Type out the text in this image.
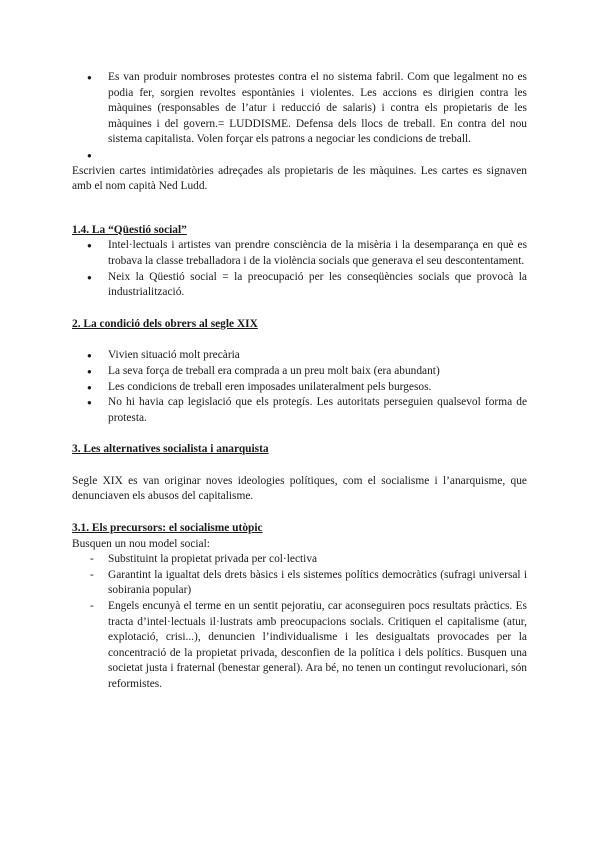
● Es van produir nombroses protestes contra el no sistema fabril. Com que legalment no es podia fer, sorgien revoltes espontànies i violentes. Les accions es dirigien contra les màquines (responsables de l’atur i reducció de salaris) i contra els propietaris de les màquines i del govern.= LUDDISME. Defensa dels llocs de treball. En contra del nou sistema capitalista. Volen forçar els patrons a negociar les condicions de treball.
●
Escrivien cartes intimidatòries adreçades als propietaris de les màquines. Les cartes es signaven amb el nom capità Ned Ludd.
1.4. La “Qüestió social”
● Intel·lectuals i artistes van prendre consciència de la misèria i la desemparança en què es trobava la classe treballadora i de la violència socials que generava el seu descontentament.
● Neix la Qüestió social = la preocupació per les conseqüències socials que provocà la industrialització.
2. La condició dels obrers al segle XIX
● Vivien situació molt precària
● La seva força de treball era comprada a un preu molt baix (era abundant)
● Les condicions de treball eren imposades unilateralment pels burgesos.
● No hi havia cap legislació que els protegís. Les autoritats perseguien qualsevol forma de protesta.
3. Les alternatives socialista i anarquista
Segle XIX es van originar noves ideologies polítiques, com el socialisme i l’anarquisme, que denunciaven els abusos del capitalisme.
3.1. Els precursors: el socialisme utòpic
Busquen un nou model social:
- Substituint la propietat privada per col·lectiva
- Garantint la igualtat dels drets bàsics i els sistemes polítics democràtics (sufragi universal i sobirania popular)
- Engels encunyà el terme en un sentit pejoratiu, car aconseguiren pocs resultats pràctics. Es tracta d’intel·lectuals il·lustrats amb preocupacions socials. Critiquen el capitalisme (atur, explotació, crisi...), denuncien l’individualisme i les desigualtats provocades per la concentració de la propietat privada, desconfien de la política i dels polítics. Busquen una societat justa i fraternal (benestar general). Ara bé, no tenen un contingut revolucionari, són reformistes.
